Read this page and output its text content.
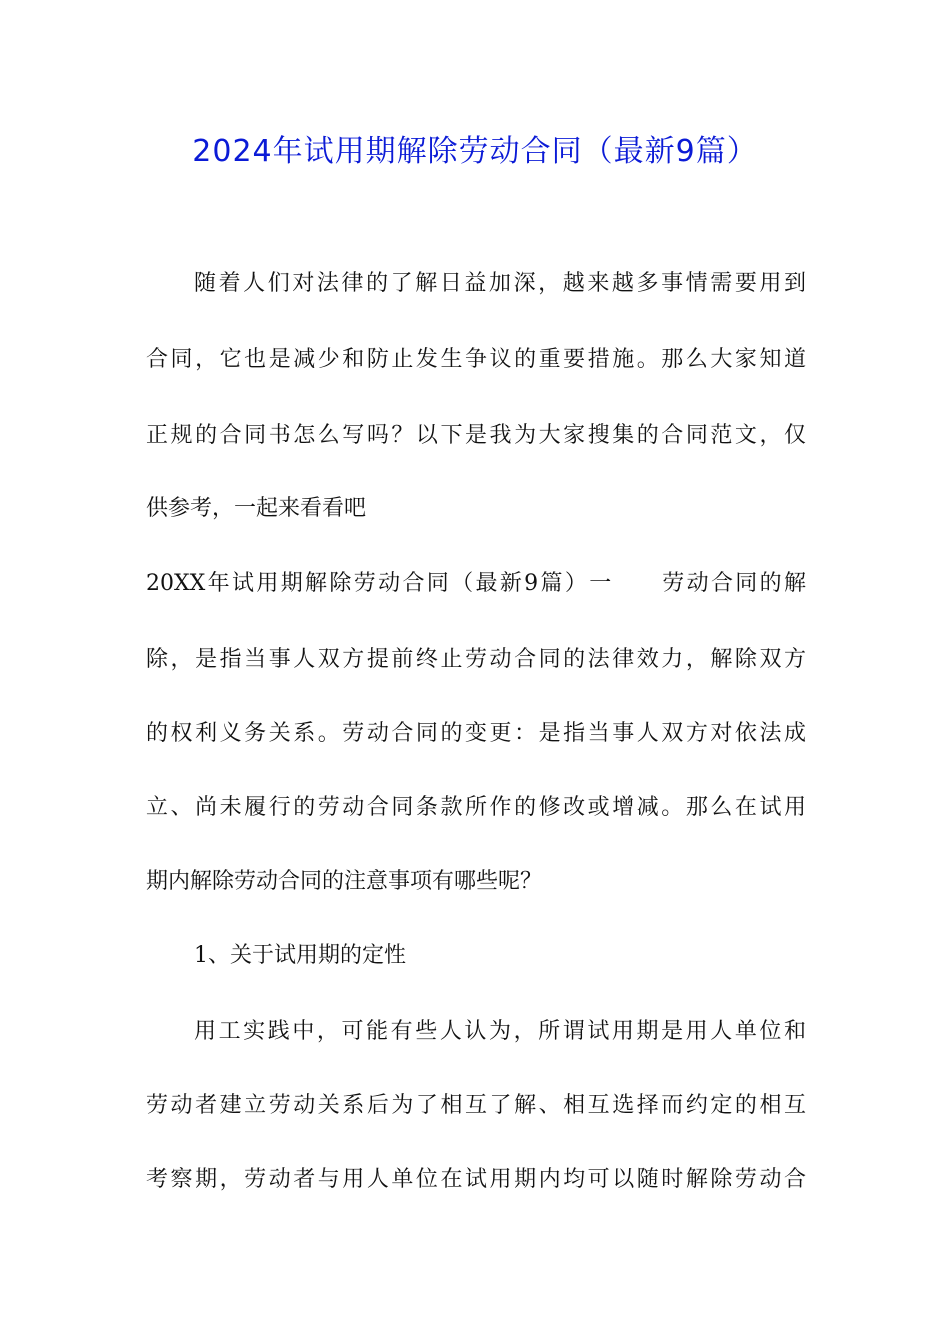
2024年试用期解除劳动合同（最新9篇）
随着人们对法律的了解日益加深，越来越多事情需要用到
合同，它也是减少和防止发生争议的重要措施。那么大家知道
正规的合同书怎么写吗？以下是我为大家搜集的合同范文，仅
供参考，一起来看看吧
20XX年试用期解除劳动合同（最新9篇）一　　劳动合同的解
除，是指当事人双方提前终止劳动合同的法律效力，解除双方
的权利义务关系。劳动合同的变更：是指当事人双方对依法成
立、尚未履行的劳动合同条款所作的修改或增减。那么在试用
期内解除劳动合同的注意事项有哪些呢？
1、关于试用期的定性
用工实践中，可能有些人认为，所谓试用期是用人单位和
劳动者建立劳动关系后为了相互了解、相互选择而约定的相互
考察期，劳动者与用人单位在试用期内均可以随时解除劳动合
